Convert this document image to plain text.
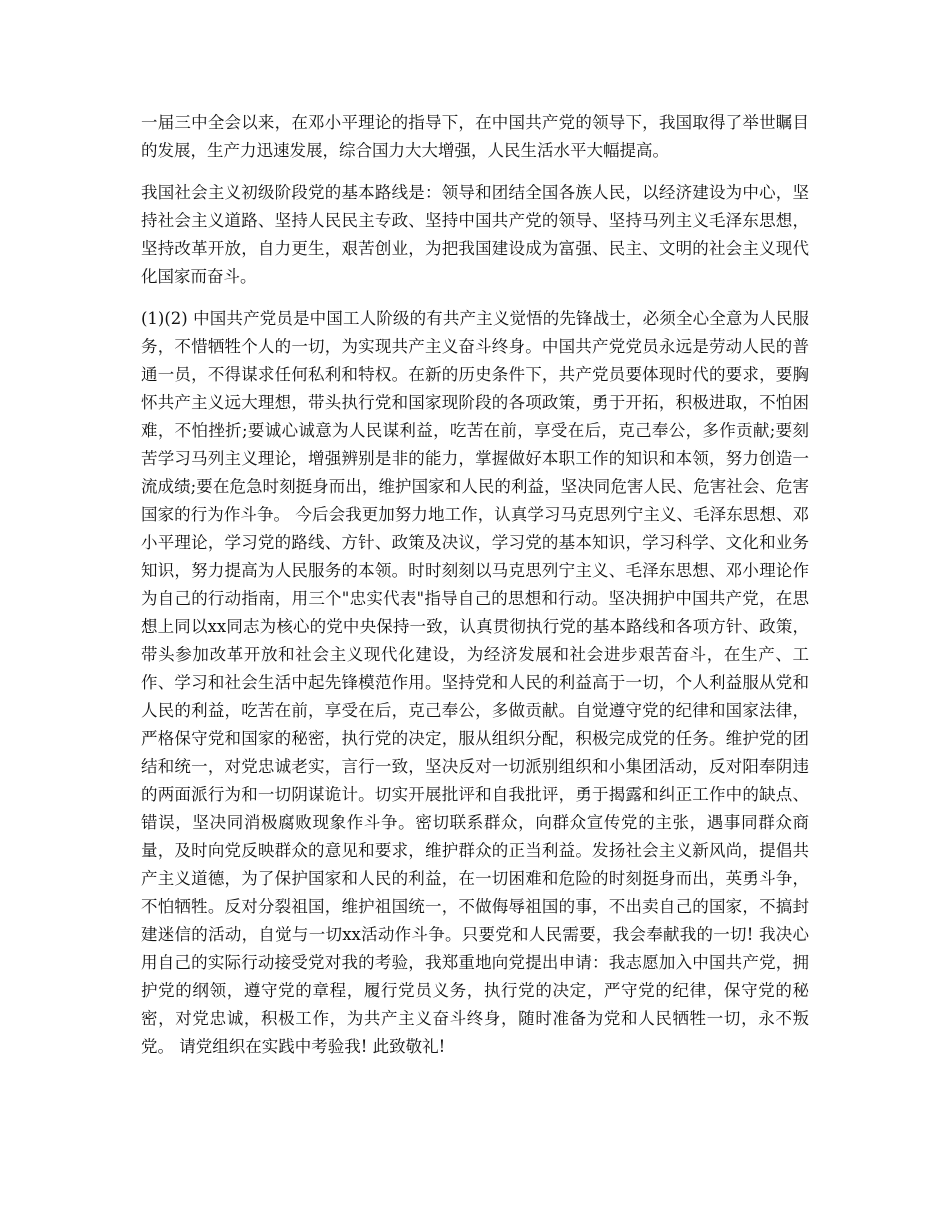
一届三中全会以来，在邓小平理论的指导下，在中国共产党的领导下，我国取得了举世瞩目的发展，生产力迅速发展，综合国力大大增强，人民生活水平大幅提高。

我国社会主义初级阶段党的基本路线是：领导和团结全国各族人民，以经济建设为中心，坚持社会主义道路、坚持人民民主专政、坚持中国共产党的领导、坚持马列主义毛泽东思想，坚持改革开放，自力更生，艰苦创业，为把我国建设成为富强、民主、文明的社会主义现代化国家而奋斗。

(1)(2) 中国共产党员是中国工人阶级的有共产主义觉悟的先锋战士，必须全心全意为人民服务，不惜牺牲个人的一切，为实现共产主义奋斗终身。中国共产党党员永远是劳动人民的普通一员，不得谋求任何私利和特权。在新的历史条件下，共产党员要体现时代的要求，要胸怀共产主义远大理想，带头执行党和国家现阶段的各项政策，勇于开拓，积极进取，不怕困难，不怕挫折;要诚心诚意为人民谋利益，吃苦在前，享受在后，克己奉公，多作贡献;要刻苦学习马列主义理论，增强辨别是非的能力，掌握做好本职工作的知识和本领，努力创造一流成绩;要在危急时刻挺身而出，维护国家和人民的利益，坚决同危害人民、危害社会、危害国家的行为作斗争。 今后会我更加努力地工作，认真学习马克思列宁主义、毛泽东思想、邓小平理论，学习党的路线、方针、政策及决议，学习党的基本知识，学习科学、文化和业务知识，努力提高为人民服务的本领。时时刻刻以马克思列宁主义、毛泽东思想、邓小理论作为自己的行动指南，用三个"忠实代表"指导自己的思想和行动。坚决拥护中国共产党，在思想上同以xx同志为核心的党中央保持一致，认真贯彻执行党的基本路线和各项方针、政策，带头参加改革开放和社会主义现代化建设，为经济发展和社会进步艰苦奋斗，在生产、工作、学习和社会生活中起先锋模范作用。坚持党和人民的利益高于一切，个人利益服从党和人民的利益，吃苦在前，享受在后，克己奉公，多做贡献。自觉遵守党的纪律和国家法律，严格保守党和国家的秘密，执行党的决定，服从组织分配，积极完成党的任务。维护党的团结和统一，对党忠诚老实，言行一致，坚决反对一切派别组织和小集团活动，反对阳奉阴违的两面派行为和一切阴谋诡计。切实开展批评和自我批评，勇于揭露和纠正工作中的缺点、错误，坚决同消极腐败现象作斗争。密切联系群众，向群众宣传党的主张，遇事同群众商量，及时向党反映群众的意见和要求，维护群众的正当利益。发扬社会主义新风尚，提倡共产主义道德，为了保护国家和人民的利益，在一切困难和危险的时刻挺身而出，英勇斗争，不怕牺牲。反对分裂祖国，维护祖国统一，不做侮辱祖国的事，不出卖自己的国家，不搞封建迷信的活动，自觉与一切xx活动作斗争。只要党和人民需要，我会奉献我的一切! 我决心用自己的实际行动接受党对我的考验，我郑重地向党提出申请：我志愿加入中国共产党，拥护党的纲领，遵守党的章程，履行党员义务，执行党的决定，严守党的纪律，保守党的秘密，对党忠诚，积极工作，为共产主义奋斗终身，随时准备为党和人民牺牲一切，永不叛党。 请党组织在实践中考验我! 此致敬礼!
